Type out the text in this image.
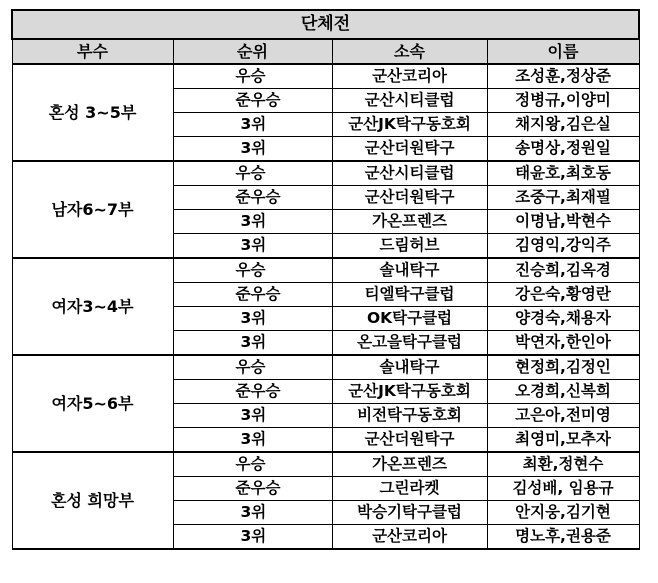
단체전			
부수	순위	소속	이름
혼성 3~5부	우승	군산코리아	조성훈,정상준
	준우승	군산시티클럽	정병규,이양미
	3위	군산JK탁구동호회	채지왕,김은실
	3위	군산더원탁구	송명상,정원일
남자6~7부	우승	군산시티클럽	태윤호,최호동
	준우승	군산더원탁구	조중구,최재필
	3위	가온프렌즈	이명남,박현수
	3위	드림허브	김영익,강익주
여자3~4부	우승	솔내탁구	진승희,김옥경
	준우승	티엘탁구클럽	강은숙,황영란
	3위	OK탁구클럽	양경숙,채용자
	3위	온고을탁구클럽	박연자,한인아
여자5~6부	우승	솔내탁구	현정희,김정인
	준우승	군산JK탁구동호회	오경희,신복희
	3위	비전탁구동호회	고은아,전미영
	3위	군산더원탁구	최영미,모추자
혼성 희망부	우승	가온프렌즈	최환,정현수
	준우승	그린라켓	김성배, 임용규
	3위	박승기탁구클럽	안지웅,김기현
	3위	군산코리아	명노후,권용준
